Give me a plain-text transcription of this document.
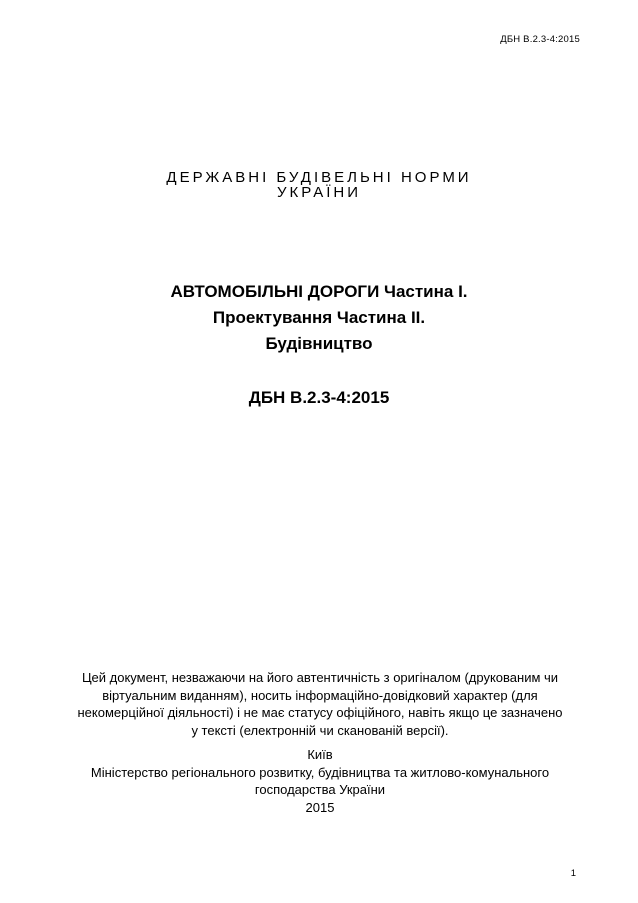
ДБН В.2.3-4:2015
ДЕРЖАВНІ БУДІВЕЛЬНІ НОРМИ
УКРАЇНИ
АВТОМОБІЛЬНІ ДОРОГИ Частина І.
Проектування Частина ІІ.
Будівництво
ДБН В.2.3-4:2015
Цей документ, незважаючи на його автентичність з оригіналом (друкованим чи
віртуальним виданням), носить інформаційно-довідковий характер (для
некомерційної діяльності) і не має статусу офіційного, навіть якщо це зазначено
у тексті (електронній чи сканованій версії).
Київ
Міністерство регіонального розвитку, будівництва та житлово-комунального
господарства України
2015
1
